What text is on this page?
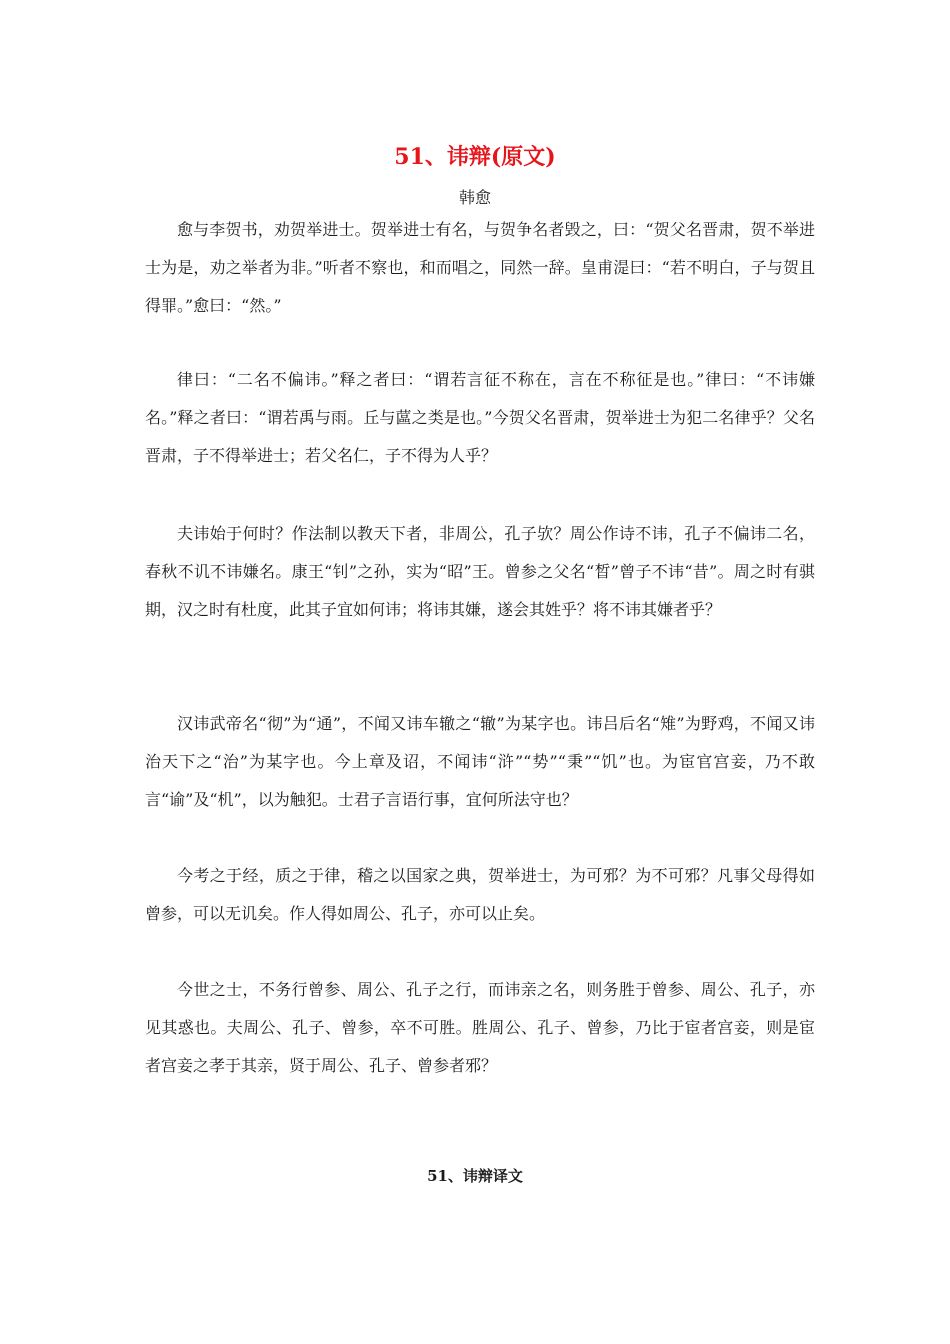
51、讳辩(原文)
韩愈

愈与李贺书，劝贺举进士。贺举进士有名，与贺争名者毁之，曰：“贺父名晋肃，贺不举进士为是，劝之举者为非。”听者不察也，和而唱之，同然一辞。皇甫湜曰：“若不明白，子与贺且得罪。”愈曰：“然。”

律曰：“二名不偏讳。”释之者曰：“谓若言征不称在，言在不称征是也。”律曰：“不讳嫌名。”释之者曰：“谓若禹与雨。丘与蓲之类是也。”今贺父名晋肃，贺举进士为犯二名律乎？父名晋肃，子不得举进士；若父名仁，子不得为人乎？

夫讳始于何时？作法制以教天下者，非周公，孔子欤？周公作诗不讳，孔子不偏讳二名，春秋不讥不讳嫌名。康王“钊”之孙，实为“昭”王。曾参之父名“晳”曾子不讳“昔”。周之时有骐期，汉之时有杜度，此其子宜如何讳；将讳其嫌，遂会其姓乎？将不讳其嫌者乎？

汉讳武帝名“彻”为“通”，不闻又讳车辙之“辙”为某字也。讳吕后名“雉”为野鸡，不闻又讳治天下之“治”为某字也。今上章及诏，不闻讳“浒”“势”“秉”“饥”也。为宦官宫妾，乃不敢言“谕”及“机”，以为触犯。士君子言语行事，宜何所法守也？

今考之于经，质之于律，稽之以国家之典，贺举进士，为可邪？为不可邪？凡事父母得如曾参，可以无讥矣。作人得如周公、孔子，亦可以止矣。

今世之士，不务行曾参、周公、孔子之行，而讳亲之名，则务胜于曾参、周公、孔子，亦见其惑也。夫周公、孔子、曾参，卒不可胜。胜周公、孔子、曾参，乃比于宦者宫妾，则是宦者宫妾之孝于其亲，贤于周公、孔子、曾参者邪？

51、讳辩译文
